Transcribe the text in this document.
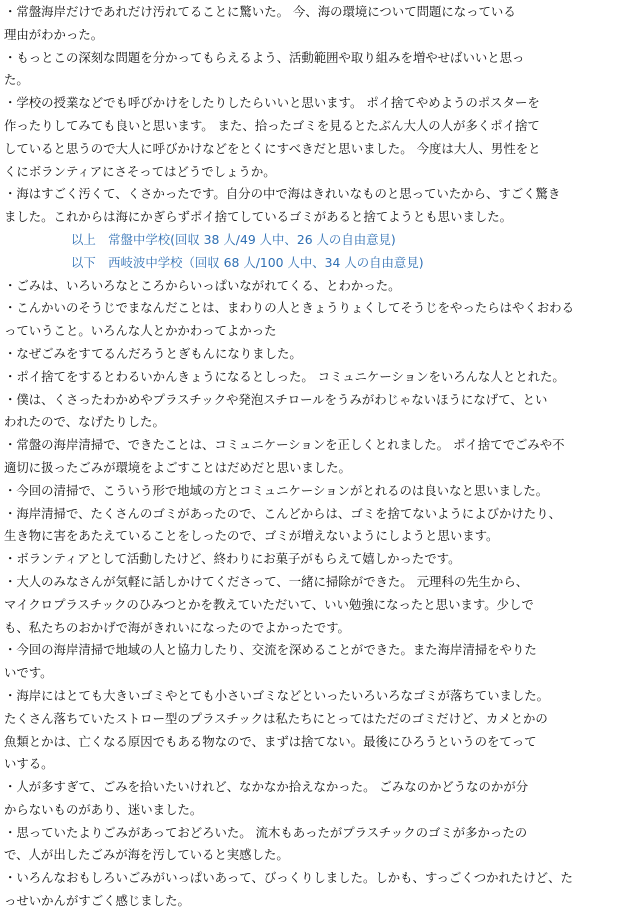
・常盤海岸だけであれだけ汚れてることに驚いた。 今、海の環境について問題になっている
理由がわかった。

・もっとこの深刻な問題を分かってもらえるよう、活動範囲や取り組みを増やせばいいと思っ
た。

・学校の授業などでも呼びかけをしたりしたらいいと思います。 ポイ捨てやめようのポスターを
作ったりしてみても良いと思います。 また、拾ったゴミを見るとたぶん大人の人が多くポイ捨て
していると思うので大人に呼びかけなどをとくにすべきだと思いました。 今度は大人、男性をと
くにボランティアにさそってはどうでしょうか。

・海はすごく汚くて、くさかったです。自分の中で海はきれいなものと思っていたから、すごく驚き
ました。これからは海にかぎらずポイ捨てしているゴミがあると捨てようとも思いました。

以上　常盤中学校(回収 38 人/49 人中、26 人の自由意見)

以下　西岐波中学校（回収 68 人/100 人中、34 人の自由意見)

・ごみは、いろいろなところからいっぱいながれてくる、とわかった。

・こんかいのそうじでまなんだことは、まわりの人ときょうりょくしてそうじをやったらはやくおわる
っていうこと。いろんな人とかかわってよかった

・なぜごみをすてるんだろうとぎもんになりました。

・ポイ捨てをするとわるいかんきょうになるとしった。 コミュニケーションをいろんな人ととれた。

・僕は、くさったわかめやプラスチックや発泡スチロールをうみがわじゃないほうになげて、とい
われたので、なげたりした。

・常盤の海岸清掃で、できたことは、コミュニケーションを正しくとれました。 ポイ捨てでごみや不
適切に扱ったごみが環境をよごすことはだめだと思いました。

・今回の清掃で、こういう形で地域の方とコミュニケーションがとれるのは良いなと思いました。

・海岸清掃で、たくさんのゴミがあったので、こんどからは、ゴミを捨てないようによびかけたり、
生き物に害をあたえていることをしったので、ゴミが増えないようにしようと思います。

・ボランティアとして活動したけど、終わりにお菓子がもらえて嬉しかったです。

・大人のみなさんが気軽に話しかけてくださって、一緒に掃除ができた。 元理科の先生から、
マイクロプラスチックのひみつとかを教えていただいて、いい勉強になったと思います。少しで
も、私たちのおかげで海がきれいになったのでよかったです。

・今回の海岸清掃で地域の人と協力したり、交流を深めることができた。また海岸清掃をやりた
いです。

・海岸にはとても大きいゴミやとても小さいゴミなどといったいろいろなゴミが落ちていました。
たくさん落ちていたストロー型のプラスチックは私たちにとってはただのゴミだけど、カメとかの
魚類とかは、亡くなる原因でもある物なので、まずは捨てない。最後にひろうというのをてって
いする。

・人が多すぎて、ごみを拾いたいけれど、なかなか拾えなかった。 ごみなのかどうなのかが分
からないものがあり、迷いました。

・思っていたよりごみがあっておどろいた。 流木もあったがプラスチックのゴミが多かったの
で、人が出したごみが海を汚していると実感した。

・いろんなおもしろいごみがいっぱいあって、びっくりしました。しかも、すっごくつかれたけど、た
っせいかんがすごく感じました。
